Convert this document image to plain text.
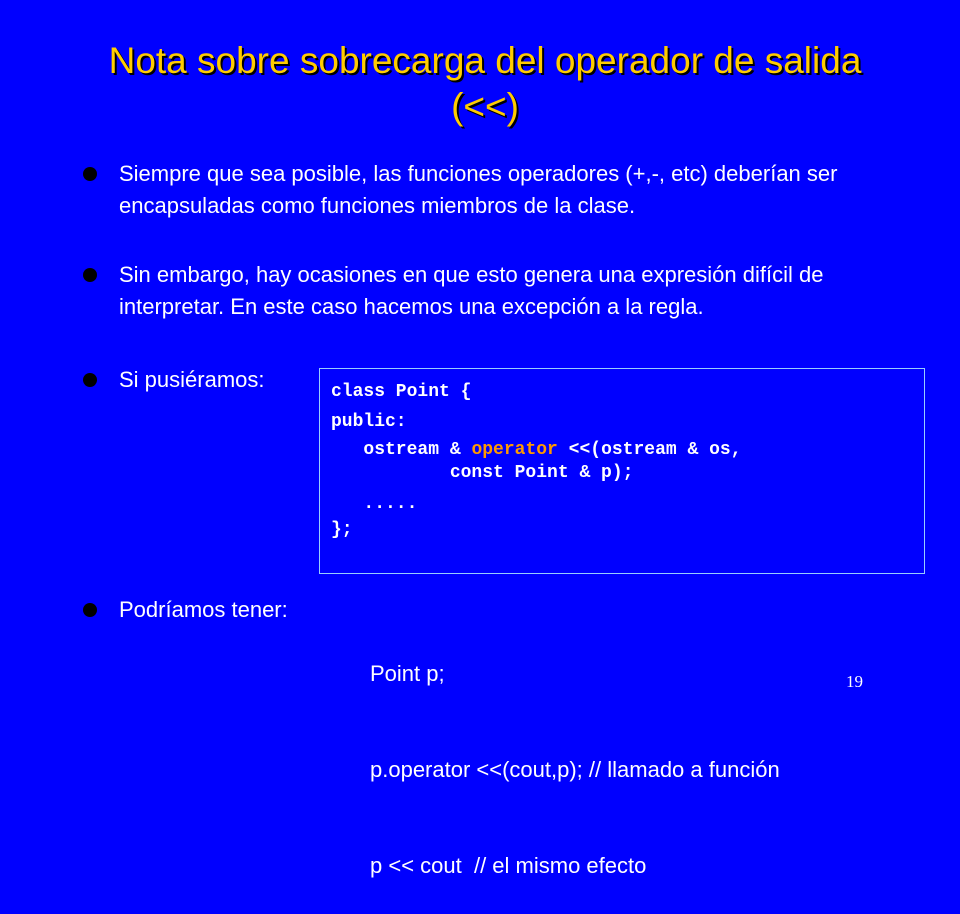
Nota sobre sobrecarga del operador de salida
(<<)
Siempre que sea posible, las funciones operadores (+,-, etc) deberían ser encapsuladas como funciones miembros de la clase.
Sin embargo, hay ocasiones en que esto genera una expresión difícil de interpretar. En este caso hacemos una excepción a la regla.
Si pusiéramos:	class Point {
public:
ostream & operator <<(ostream & os,
const Point & p);
.....
};
Podríamos tener:

Point p;

p.operator <<(cout,p); // llamado a función

p << cout  // el mismo efecto

19
